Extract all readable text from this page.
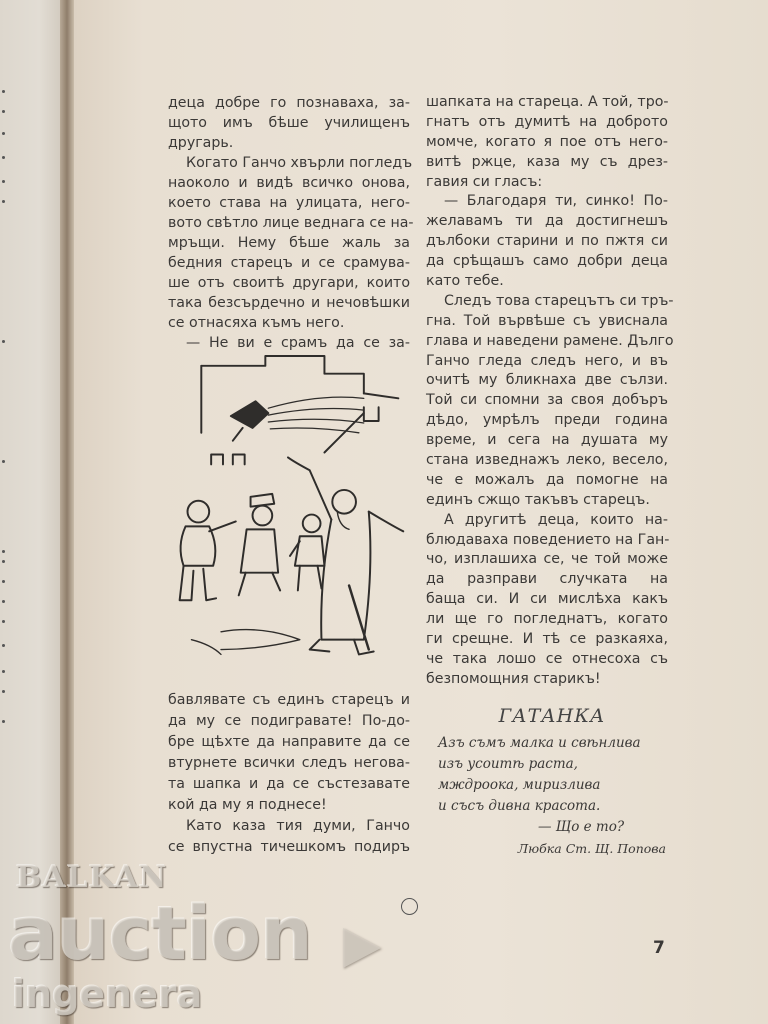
деца добре го познаваха, за-
щото имъ бѣше училищенъ
другарь.
Когато Ганчо хвърли погледъ
наоколо и видѣ всичко онова,
което става на улицата, него-
вото свѣтло лице веднага се на-
мръщи. Нему бѣше жаль за
бедния старецъ и се срамува-
ше отъ своитѣ другари, които
така безсърдечно и нечовѣшки
се отнасяха къмъ него.
— Не ви е срамъ да се за-
бавлявате съ единъ старецъ и
да му се подигравате! По-до-
бре щѣхте да направите да се
втурнете всички следъ негова-
та шапка и да се състезавате
кой да му я поднесе!
Като каза тия думи, Ганчо
се впустна тичешкомъ подиръ
шапката на стареца. А той, тро-
гнатъ отъ думитѣ на доброто
момче, когато я пое отъ него-
витѣ ржце, каза му съ дрез-
гавия си гласъ:
— Благодаря ти, синко! По-
желавамъ ти да достигнешъ
дълбоки старини и по пжтя си
да срѣщашъ само добри деца
като тебе.
Следъ това старецътъ си тръ-
гна. Той вървѣше съ увиснала
глава и наведени рамене. Дълго
Ганчо гледа следъ него, и въ
очитѣ му бликнаха две сълзи.
Той си спомни за своя добъръ
дѣдо, умрѣлъ преди година
време, и сега на душата му
стана изведнажъ леко, весело,
че е можалъ да помогне на
единъ сжщо такъвъ старецъ.
А другитѣ деца, които на-
блюдаваха поведението на Ган-
чо, изплашиха се, че той може
да разправи случката на
баща си. И си мислѣха какъ
ли ще го погледнатъ, когато
ги срещне. И тѣ се разкаяха,
че така лошо се отнесоха съ
безпомощния старикъ!
ГАТАНКА
Азъ съмъ малка и свѣнлива
изъ усоитѣ раста,
мждроока, миризлива
и съсъ дивна красота.
— Що е то?
Любка Ст. Щ. Попова
7
BALKAN
auction
ingenera
